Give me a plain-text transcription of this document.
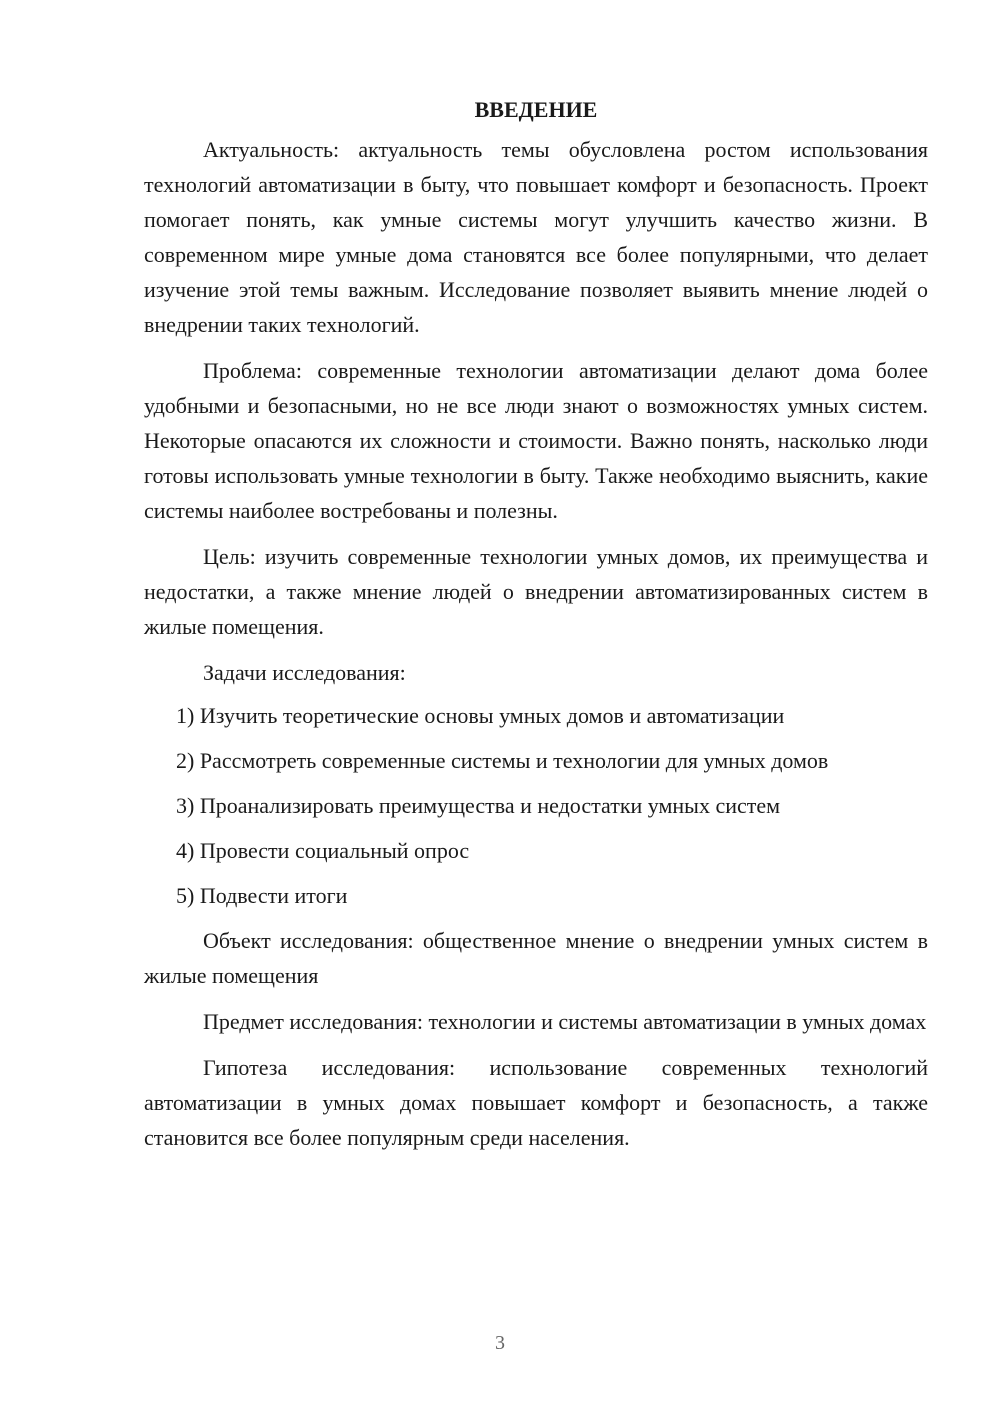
ВВЕДЕНИЕ

Актуальность: актуальность темы обусловлена ростом использования технологий автоматизации в быту, что повышает комфорт и безопасность. Проект помогает понять, как умные системы могут улучшить качество жизни. В современном мире умные дома становятся все более популярными, что делает изучение этой темы важным. Исследование позволяет выявить мнение людей о внедрении таких технологий.

Проблема: современные технологии автоматизации делают дома более удобными и безопасными, но не все люди знают о возможностях умных систем. Некоторые опасаются их сложности и стоимости. Важно понять, насколько люди готовы использовать умные технологии в быту. Также необходимо выяснить, какие системы наиболее востребованы и полезны.

Цель: изучить современные технологии умных домов, их преимущества и недостатки, а также мнение людей о внедрении автоматизированных систем в жилые помещения.

Задачи исследования:

1) Изучить теоретические основы умных домов и автоматизации
2) Рассмотреть современные системы и технологии для умных домов
3) Проанализировать преимущества и недостатки умных систем
4) Провести социальный опрос
5) Подвести итоги

Объект исследования: общественное мнение о внедрении умных систем в жилые помещения

Предмет исследования: технологии и системы автоматизации в умных домах

Гипотеза исследования: использование современных технологий автоматизации в умных домах повышает комфорт и безопасность, а также становится все более популярным среди населения.

3
